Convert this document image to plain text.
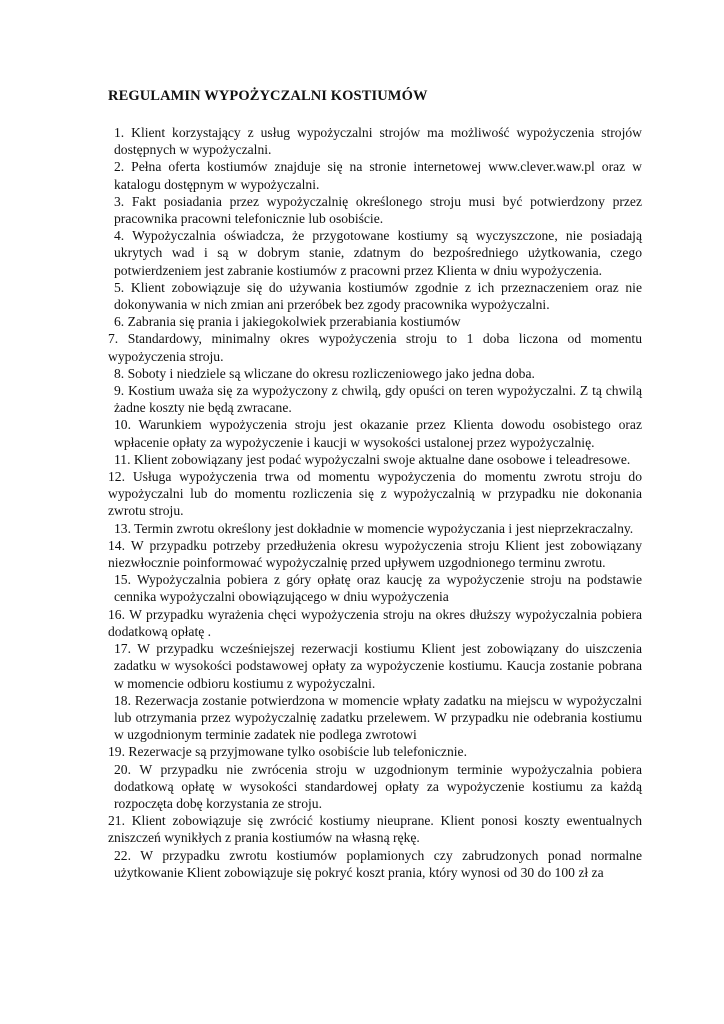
REGULAMIN WYPOŻYCZALNI KOSTIUMÓW
1. Klient korzystający z usług wypożyczalni strojów ma możliwość wypożyczenia strojów dostępnych w wypożyczalni.
2. Pełna oferta kostiumów znajduje się na stronie internetowej www.clever.waw.pl oraz w katalogu dostępnym w wypożyczalni.
3. Fakt posiadania przez wypożyczalnię określonego stroju musi być potwierdzony przez pracownika pracowni telefonicznie lub osobiście.
4. Wypożyczalnia oświadcza, że przygotowane kostiumy są wyczyszczone, nie posiadają ukrytych wad i są w dobrym stanie, zdatnym do bezpośredniego użytkowania, czego potwierdzeniem jest zabranie kostiumów z pracowni przez Klienta w dniu wypożyczenia.
5. Klient zobowiązuje się do używania kostiumów zgodnie z ich przeznaczeniem oraz nie dokonywania w nich zmian ani przeróbek bez zgody pracownika wypożyczalni.
6. Zabrania się prania i jakiegokolwiek przerabiania kostiumów
7. Standardowy, minimalny okres wypożyczenia stroju to 1 doba liczona od momentu wypożyczenia stroju.
8. Soboty i niedziele są wliczane do okresu rozliczeniowego jako jedna doba.
9. Kostium uważa się za wypożyczony z chwilą, gdy opuści on teren wypożyczalni. Z tą chwilą żadne koszty nie będą zwracane.
10. Warunkiem wypożyczenia stroju jest okazanie przez Klienta dowodu osobistego oraz wpłacenie opłaty za wypożyczenie i kaucji w wysokości ustalonej przez wypożyczalnię.
11. Klient zobowiązany jest podać wypożyczalni swoje aktualne dane osobowe i teleadresowe.
12. Usługa wypożyczenia trwa od momentu wypożyczenia do momentu zwrotu stroju do wypożyczalni lub do momentu rozliczenia się z wypożyczalnią w przypadku nie dokonania zwrotu stroju.
13. Termin zwrotu określony jest dokładnie w momencie wypożyczania i jest nieprzekraczalny.
14. W przypadku potrzeby przedłużenia okresu wypożyczenia stroju Klient jest zobowiązany niezwłocznie poinformować wypożyczalnię przed upływem uzgodnionego terminu zwrotu.
15. Wypożyczalnia pobiera z góry opłatę oraz kaucję za wypożyczenie stroju na podstawie cennika wypożyczalni obowiązującego w dniu wypożyczenia
16. W przypadku wyrażenia chęci wypożyczenia stroju na okres dłuższy wypożyczalnia pobiera dodatkową opłatę .
17. W przypadku wcześniejszej rezerwacji kostiumu Klient jest zobowiązany do uiszczenia zadatku w wysokości podstawowej opłaty za wypożyczenie kostiumu. Kaucja zostanie pobrana w momencie odbioru kostiumu z wypożyczalni.
18. Rezerwacja zostanie potwierdzona w momencie wpłaty zadatku na miejscu w wypożyczalni lub otrzymania przez wypożyczalnię zadatku przelewem. W przypadku nie odebrania kostiumu w uzgodnionym terminie zadatek nie podlega zwrotowi
19. Rezerwacje są przyjmowane tylko osobiście lub telefonicznie.
20. W przypadku nie zwrócenia stroju w uzgodnionym terminie wypożyczalnia pobiera dodatkową opłatę w wysokości standardowej opłaty za wypożyczenie kostiumu za każdą rozpoczęta dobę korzystania ze stroju.
21. Klient zobowiązuje się zwrócić kostiumy nieuprane. Klient ponosi koszty ewentualnych zniszczeń wynikłych z prania kostiumów na własną rękę.
22. W przypadku zwrotu kostiumów poplamionych czy zabrudzonych ponad normalne użytkowanie Klient zobowiązuje się pokryć koszt prania, który wynosi od 30 do 100 zł za
